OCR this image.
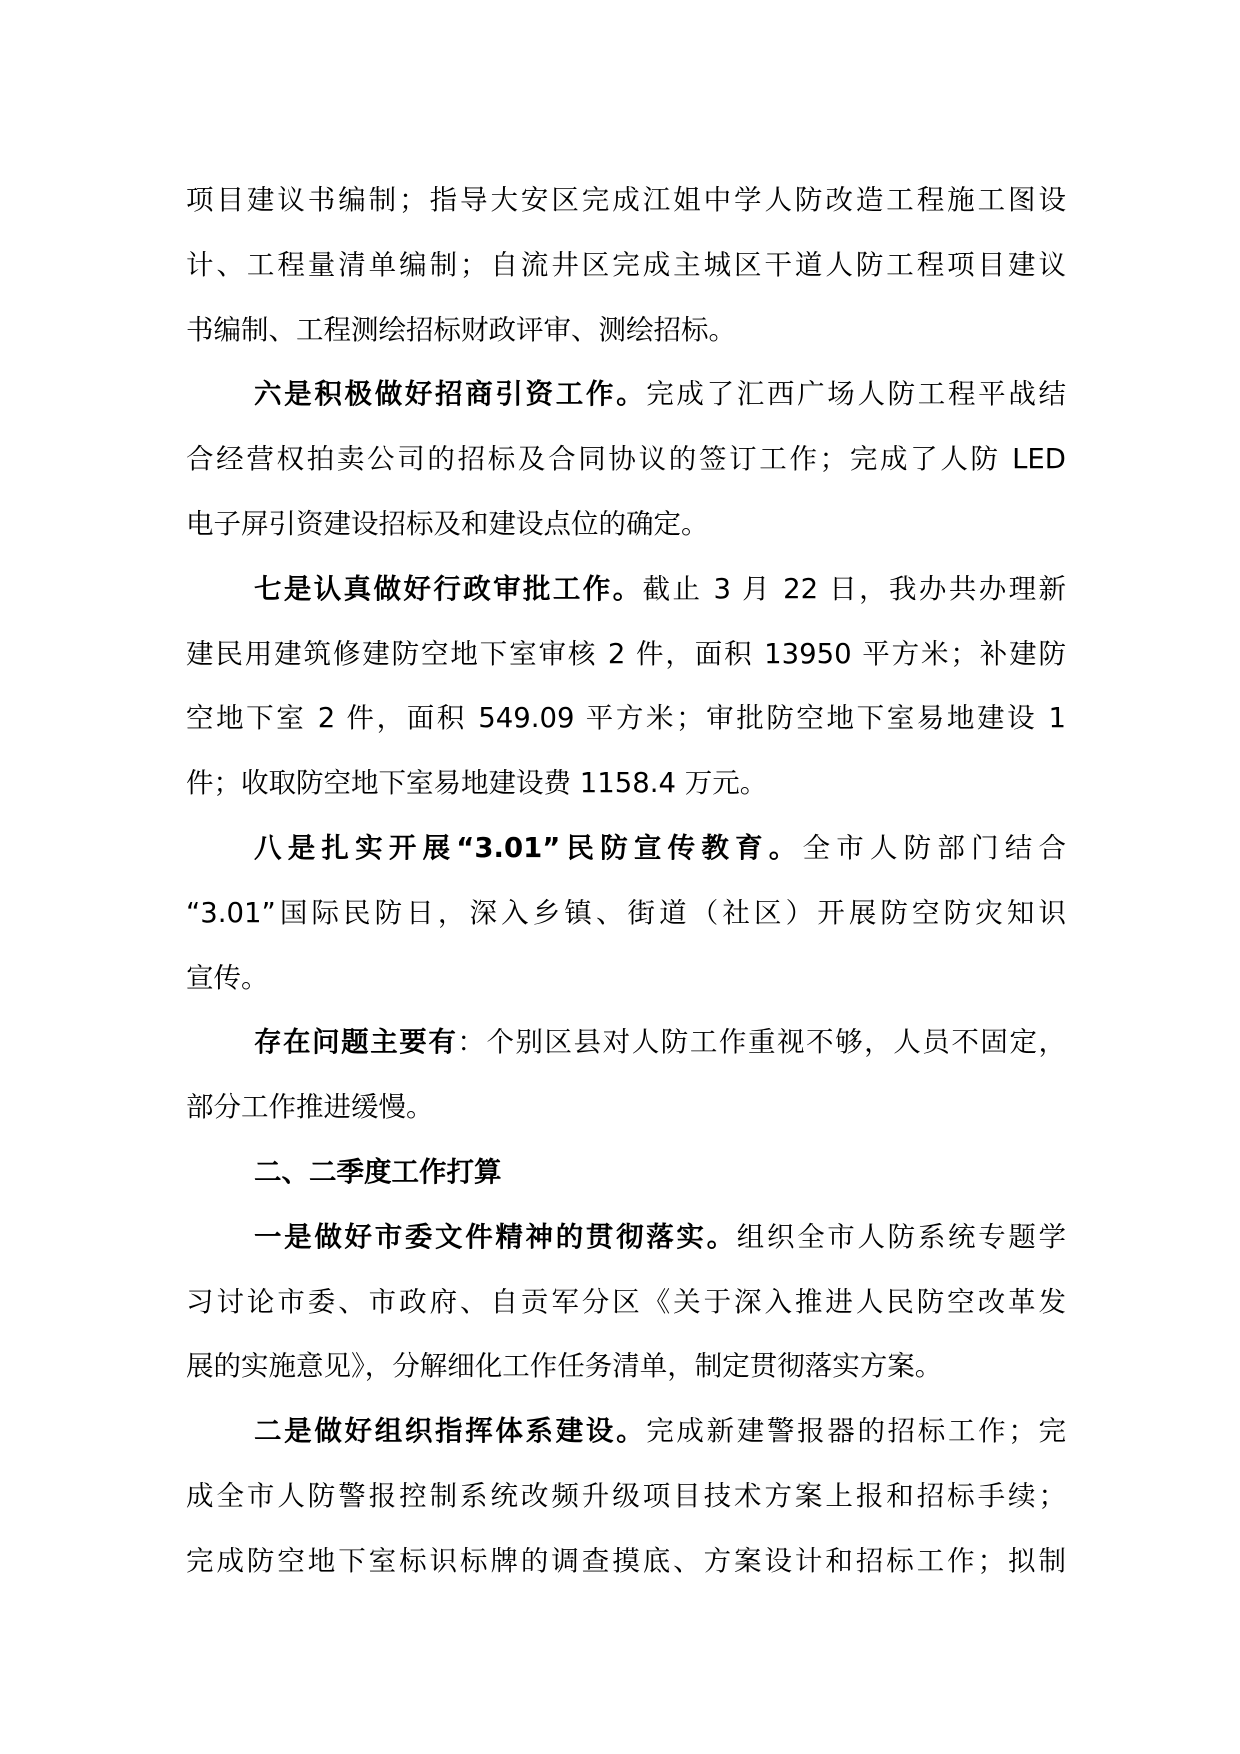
项目建议书编制；指导大安区完成江姐中学人防改造工程施工图设
计、工程量清单编制；自流井区完成主城区干道人防工程项目建议
书编制、工程测绘招标财政评审、测绘招标。
六是积极做好招商引资工作。完成了汇西广场人防工程平战结
合经营权拍卖公司的招标及合同协议的签订工作；完成了人防 LED
电子屏引资建设招标及和建设点位的确定。
七是认真做好行政审批工作。截止 3 月 22 日，我办共办理新
建民用建筑修建防空地下室审核 2 件，面积 13950 平方米；补建防
空地下室 2 件，面积 549.09 平方米；审批防空地下室易地建设 1
件；收取防空地下室易地建设费 1158.4 万元。
八是扎实开展“3.01”民防宣传教育。全市人防部门结合
“3.01”国际民防日，深入乡镇、街道（社区）开展防空防灾知识
宣传。
存在问题主要有：个别区县对人防工作重视不够，人员不固定，
部分工作推进缓慢。
二、二季度工作打算
一是做好市委文件精神的贯彻落实。组织全市人防系统专题学
习讨论市委、市政府、自贡军分区《关于深入推进人民防空改革发
展的实施意见》，分解细化工作任务清单，制定贯彻落实方案。
二是做好组织指挥体系建设。完成新建警报器的招标工作；完
成全市人防警报控制系统改频升级项目技术方案上报和招标手续；
完成防空地下室标识标牌的调查摸底、方案设计和招标工作；拟制
